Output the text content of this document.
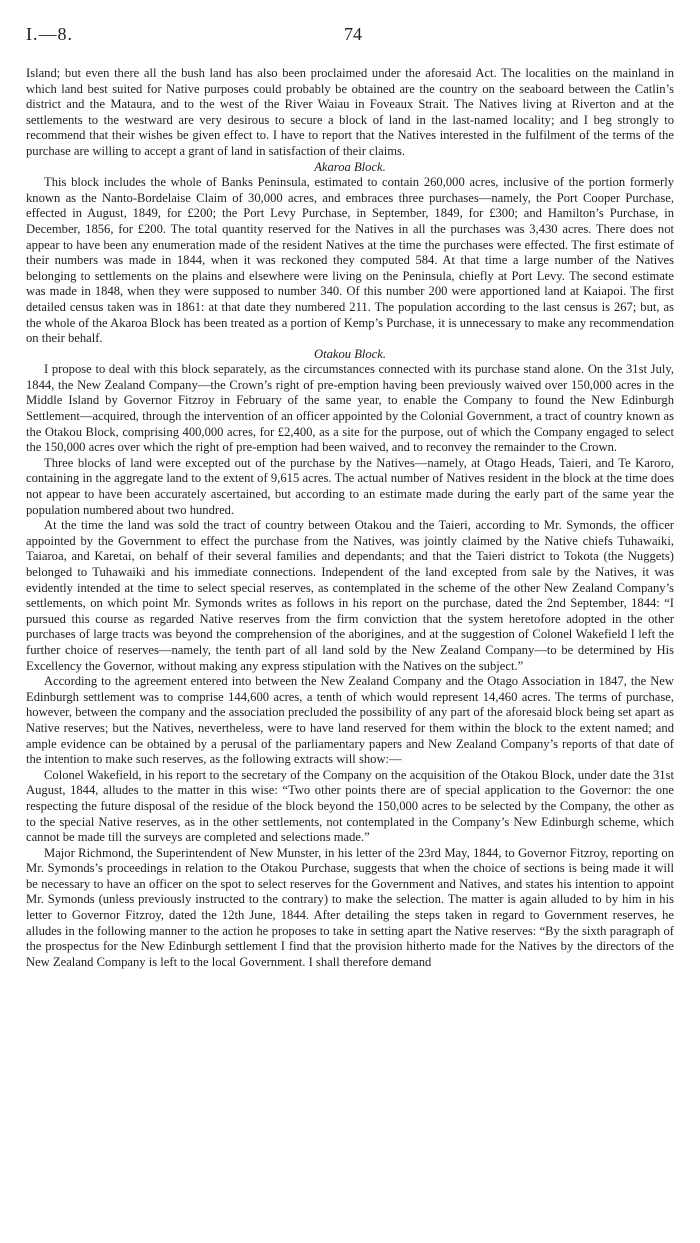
I.—8.	74

Island; but even there all the bush land has also been proclaimed under the aforesaid Act. The localities on the mainland in which land best suited for Native purposes could probably be obtained are the country on the seaboard between the Catlin’s district and the Mataura, and to the west of the River Waiau in Foveaux Strait. The Natives living at Riverton and at the settlements to the westward are very desirous to secure a block of land in the last-named locality; and I beg strongly to recommend that their wishes be given effect to. I have to report that the Natives interested in the fulfilment of the terms of the purchase are willing to accept a grant of land in satisfaction of their claims.

Akaroa Block.

This block includes the whole of Banks Peninsula, estimated to contain 260,000 acres, inclusive of the portion formerly known as the Nanto-Bordelaise Claim of 30,000 acres, and embraces three purchases—namely, the Port Cooper Purchase, effected in August, 1849, for £200; the Port Levy Purchase, in September, 1849, for £300; and Hamilton’s Purchase, in December, 1856, for £200. The total quantity reserved for the Natives in all the purchases was 3,430 acres. There does not appear to have been any enumeration made of the resident Natives at the time the purchases were effected. The first estimate of their numbers was made in 1844, when it was reckoned they computed 584. At that time a large number of the Natives belonging to settlements on the plains and elsewhere were living on the Peninsula, chiefly at Port Levy. The second estimate was made in 1848, when they were supposed to number 340. Of this number 200 were apportioned land at Kaiapoi. The first detailed census taken was in 1861: at that date they numbered 211. The population according to the last census is 267; but, as the whole of the Akaroa Block has been treated as a portion of Kemp’s Purchase, it is unnecessary to make any recommendation on their behalf.

Otakou Block.

I propose to deal with this block separately, as the circumstances connected with its purchase stand alone. On the 31st July, 1844, the New Zealand Company—the Crown’s right of pre-emption having been previously waived over 150,000 acres in the Middle Island by Governor Fitzroy in February of the same year, to enable the Company to found the New Edinburgh Settlement—acquired, through the intervention of an officer appointed by the Colonial Government, a tract of country known as the Otakou Block, comprising 400,000 acres, for £2,400, as a site for the purpose, out of which the Company engaged to select the 150,000 acres over which the right of pre-emption had been waived, and to reconvey the remainder to the Crown.

Three blocks of land were excepted out of the purchase by the Natives—namely, at Otago Heads, Taieri, and Te Karoro, containing in the aggregate land to the extent of 9,615 acres. The actual number of Natives resident in the block at the time does not appear to have been accurately ascertained, but according to an estimate made during the early part of the same year the population numbered about two hundred.

At the time the land was sold the tract of country between Otakou and the Taieri, according to Mr. Symonds, the officer appointed by the Government to effect the purchase from the Natives, was jointly claimed by the Native chiefs Tuhawaiki, Taiaroa, and Karetai, on behalf of their several families and dependants; and that the Taieri district to Tokota (the Nuggets) belonged to Tuhawaiki and his immediate connections. Independent of the land excepted from sale by the Natives, it was evidently intended at the time to select special reserves, as contemplated in the scheme of the other New Zealand Company’s settlements, on which point Mr. Symonds writes as follows in his report on the purchase, dated the 2nd September, 1844: “I pursued this course as regarded Native reserves from the firm conviction that the system heretofore adopted in the other purchases of large tracts was beyond the comprehension of the aborigines, and at the suggestion of Colonel Wakefield I left the further choice of reserves—namely, the tenth part of all land sold by the New Zealand Company—to be determined by His Excellency the Governor, without making any express stipulation with the Natives on the subject.”

According to the agreement entered into between the New Zealand Company and the Otago Association in 1847, the New Edinburgh settlement was to comprise 144,600 acres, a tenth of which would represent 14,460 acres. The terms of purchase, however, between the company and the association precluded the possibility of any part of the aforesaid block being set apart as Native reserves; but the Natives, nevertheless, were to have land reserved for them within the block to the extent named; and ample evidence can be obtained by a perusal of the parliamentary papers and New Zealand Company’s reports of that date of the intention to make such reserves, as the following extracts will show:—

Colonel Wakefield, in his report to the secretary of the Company on the acquisition of the Otakou Block, under date the 31st August, 1844, alludes to the matter in this wise: “Two other points there are of special application to the Governor: the one respecting the future disposal of the residue of the block beyond the 150,000 acres to be selected by the Company, the other as to the special Native reserves, as in the other settlements, not contemplated in the Company’s New Edinburgh scheme, which cannot be made till the surveys are completed and selections made.”

Major Richmond, the Superintendent of New Munster, in his letter of the 23rd May, 1844, to Governor Fitzroy, reporting on Mr. Symonds’s proceedings in relation to the Otakou Purchase, suggests that when the choice of sections is being made it will be necessary to have an officer on the spot to select reserves for the Government and Natives, and states his intention to appoint Mr. Symonds (unless previously instructed to the contrary) to make the selection. The matter is again alluded to by him in his letter to Governor Fitzroy, dated the 12th June, 1844. After detailing the steps taken in regard to Government reserves, he alludes in the following manner to the action he proposes to take in setting apart the Native reserves: “By the sixth paragraph of the prospectus for the New Edinburgh settlement I find that the provision hitherto made for the Natives by the directors of the New Zealand Company is left to the local Government. I shall therefore demand
